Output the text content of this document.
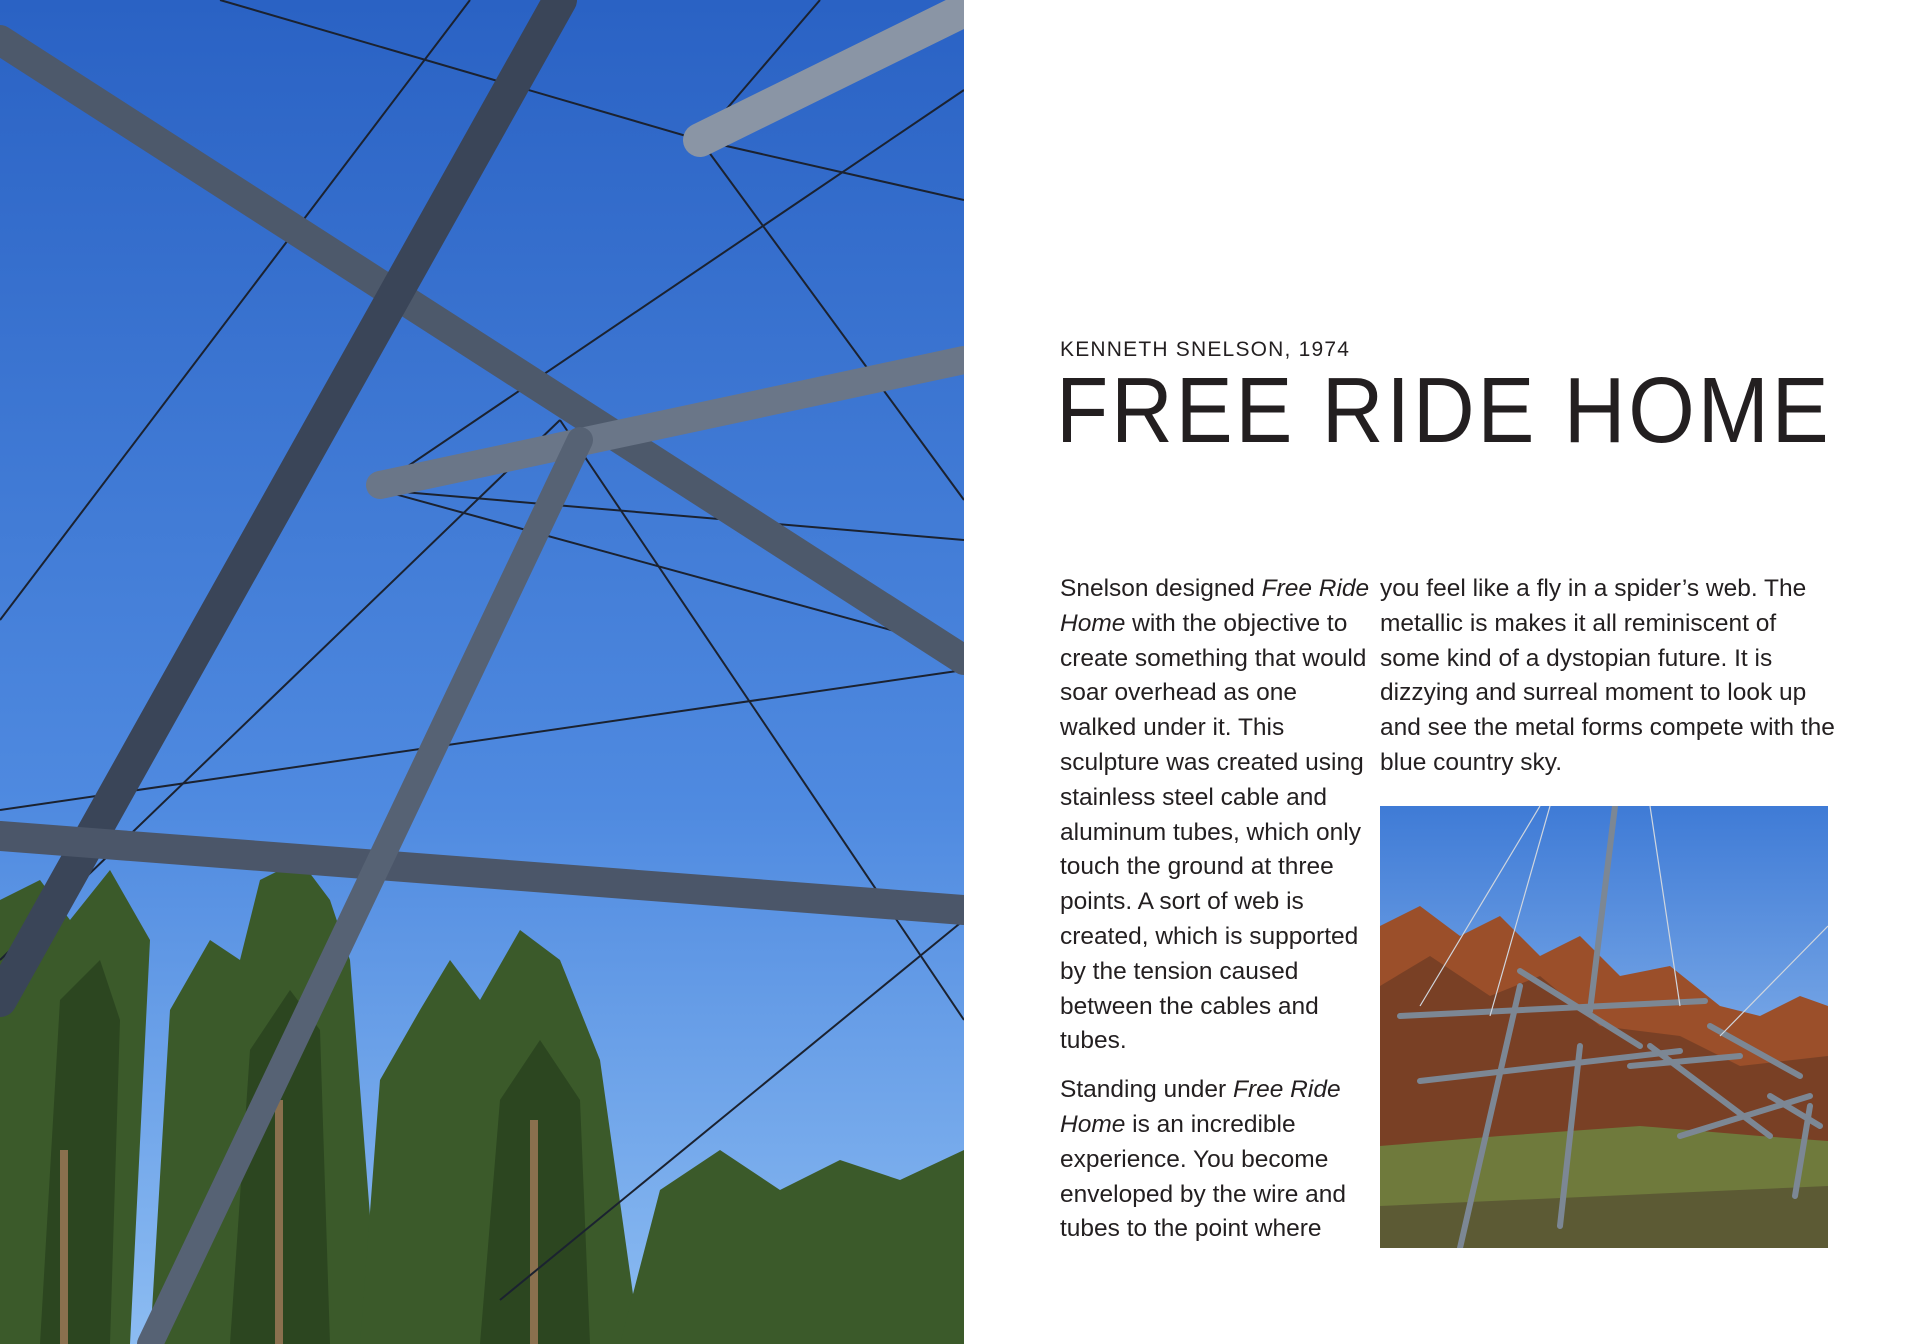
KENNETH SNELSON, 1974
FREE RIDE HOME

Snelson designed Free Ride Home with the objective to create something that would soar overhead as one walked under it. This sculpture was created using stainless steel cable and aluminum tubes, which only touch the ground at three points. A sort of web is created, which is supported by the tension caused between the cables and tubes.

Standing under Free Ride Home is an incredible experience. You become enveloped by the wire and tubes to the point where

you feel like a fly in a spider’s web. The metallic is makes it all reminiscent of some kind of a dystopian future. It is dizzying and surreal moment to look up and see the metal forms compete with the blue country sky.
